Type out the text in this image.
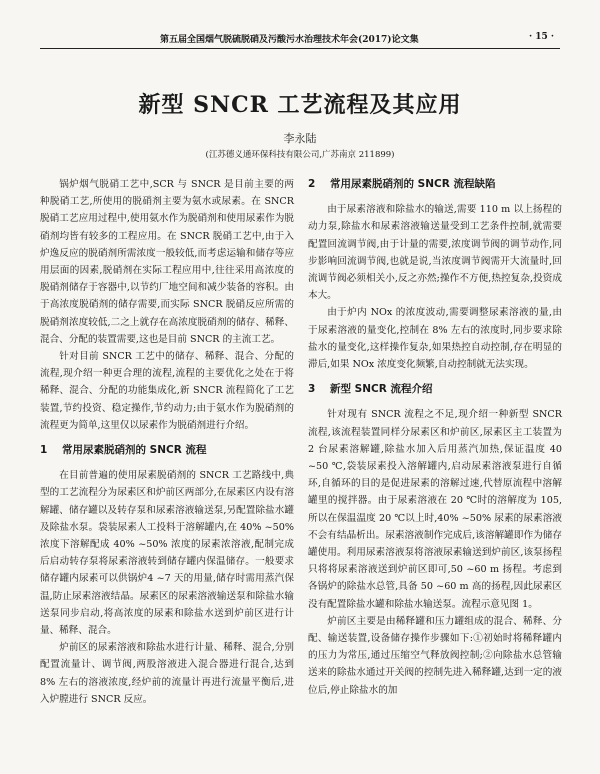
第五届全国烟气脱硫脱硝及污酸污水治理技术年会(2017)论文集	· 15 ·
新型 SNCR 工艺流程及其应用
李永陆
(江苏德义通环保科技有限公司,广苏南京 211899)

锅炉烟气脱硝工艺中,SCR 与 SNCR 是目前主要的两种脱硝工艺,所使用的脱硝剂主要为氨水或尿素。在 SNCR 脱硝工艺应用过程中,使用氨水作为脱硝剂和使用尿素作为脱硝剂均皆有较多的工程应用。在 SNCR 脱硝工艺中,由于入炉逸反应的脱硝剂所需浓度一般较低,而考虑运输和储存等应用层面的因素,脱硝剂在实际工程应用中,往往采用高浓度的脱硝剂储存于容器中,以节约厂地空间和减少装备的容积。由于高浓度脱硝剂的储存需要,而实际 SNCR 脱硝反应所需的脱硝剂浓度较低,二之上就存在高浓度脱硝剂的储存、稀释、混合、分配的装置需要,这也是目前 SNCR 的主流工艺。

针对目前 SNCR 工艺中的储存、稀释、混合、分配的流程,现介绍一种更合理的流程,流程的主要优化之处在于将稀释、混合、分配的功能集成化,新 SNCR 流程简化了工艺装置,节约投资、稳定操作,节约动力;由于氨水作为脱硝剂的流程更为简单,这里仅以尿素作为脱硝剂进行介绍。

1 常用尿素脱硝剂的 SNCR 流程

在目前普遍的使用尿素脱硝剂的 SNCR 工艺路线中,典型的工艺流程分为尿素区和炉前区两部分,在尿素区内设有溶解罐、储存罐以及转存泵和尿素溶液输送泵,另配置除盐水罐及除盐水泵。袋装尿素人工投料于溶解罐内,在 40% ~50% 浓度下溶解配成 40% ~50% 浓度的尿素浓溶液,配制完成后启动转存泵将尿素溶液转到储存罐内保温储存。一般要求储存罐内尿素可以供锅炉4 ~7 天的用量,储存时需用蒸汽保温,防止尿素溶液结晶。尿素区的尿素溶液输送泵和除盐水输送泵同步启动,将高浓度的尿素和除盐水送到炉前区进行计量、稀释、混合。

炉前区的尿素溶液和除盐水进行计量、稀释、混合,分别配置流量计、调节阀,两股溶液进入混合器进行混合,达到 8% 左右的溶液浓度,经炉前的流量计再进行流量平衡后,进入炉膛进行 SNCR 反应。

2 常用尿素脱硝剂的 SNCR 流程缺陷

由于尿素溶液和除盐水的输送,需要 110 m 以上扬程的动力泵,除盐水和尿素溶液输送量受到工艺条件控制,就需要配置回流调节阀,由于计量的需要,浓度调节阀的调节动作,同步影响回流调节阀,也就是说,当浓度调节阀需开大流量时,回流调节阀必须相关小,反之亦然;操作不方便,热控复杂,投资成本大。

由于炉内 NOx 的浓度波动,需要调整尿素溶液的量,由于尿素溶液的量变化,控制在 8% 左右的浓度时,同步要求除盐水的量变化,这样操作复杂,如果热控自动控制,存在明显的滞后,如果 NOx 浓度变化频繁,自动控制就无法实现。

3 新型 SNCR 流程介绍

针对现有 SNCR 流程之不足,现介绍一种新型 SNCR 流程,该流程装置同样分尿素区和炉前区,尿素区主工装置为 2 台尿素溶解罐,除盐水加入后用蒸汽加热,保证温度 40 ~50 ℃,袋装尿素投入溶解罐内,启动尿素溶液泵进行自循环,自循环的目的是促进尿素的溶解过速,代替原流程中溶解罐里的搅拌器。由于尿素溶液在 20 ℃时的溶解度为 105,所以在保温温度 20 ℃以上时,40% ~50% 尿素的尿素溶液不会有结晶析出。尿素溶液制作完成后,该溶解罐即作为储存罐使用。利用尿素溶液泵将溶液尿素输送到炉前区,该泵扬程只将将尿素溶液送到炉前区即可,50 ~60 m 扬程。考虑到各锅炉的除盐水总管,具备 50 ~60 m 高的扬程,因此尿素区没有配置除盐水罐和除盐水输送泵。流程示意见图 1。

炉前区主要是由稀释罐和压力罐组成的混合、稀释、分配、输送装置,设备储存操作步骤如下:①初始时将稀释罐内的压力为常压,通过压缩空气释放阀控制;②向除盐水总管输送来的除盐水通过开关阀的控制先进入稀释罐,达到一定的液位后,停止除盐水的加
